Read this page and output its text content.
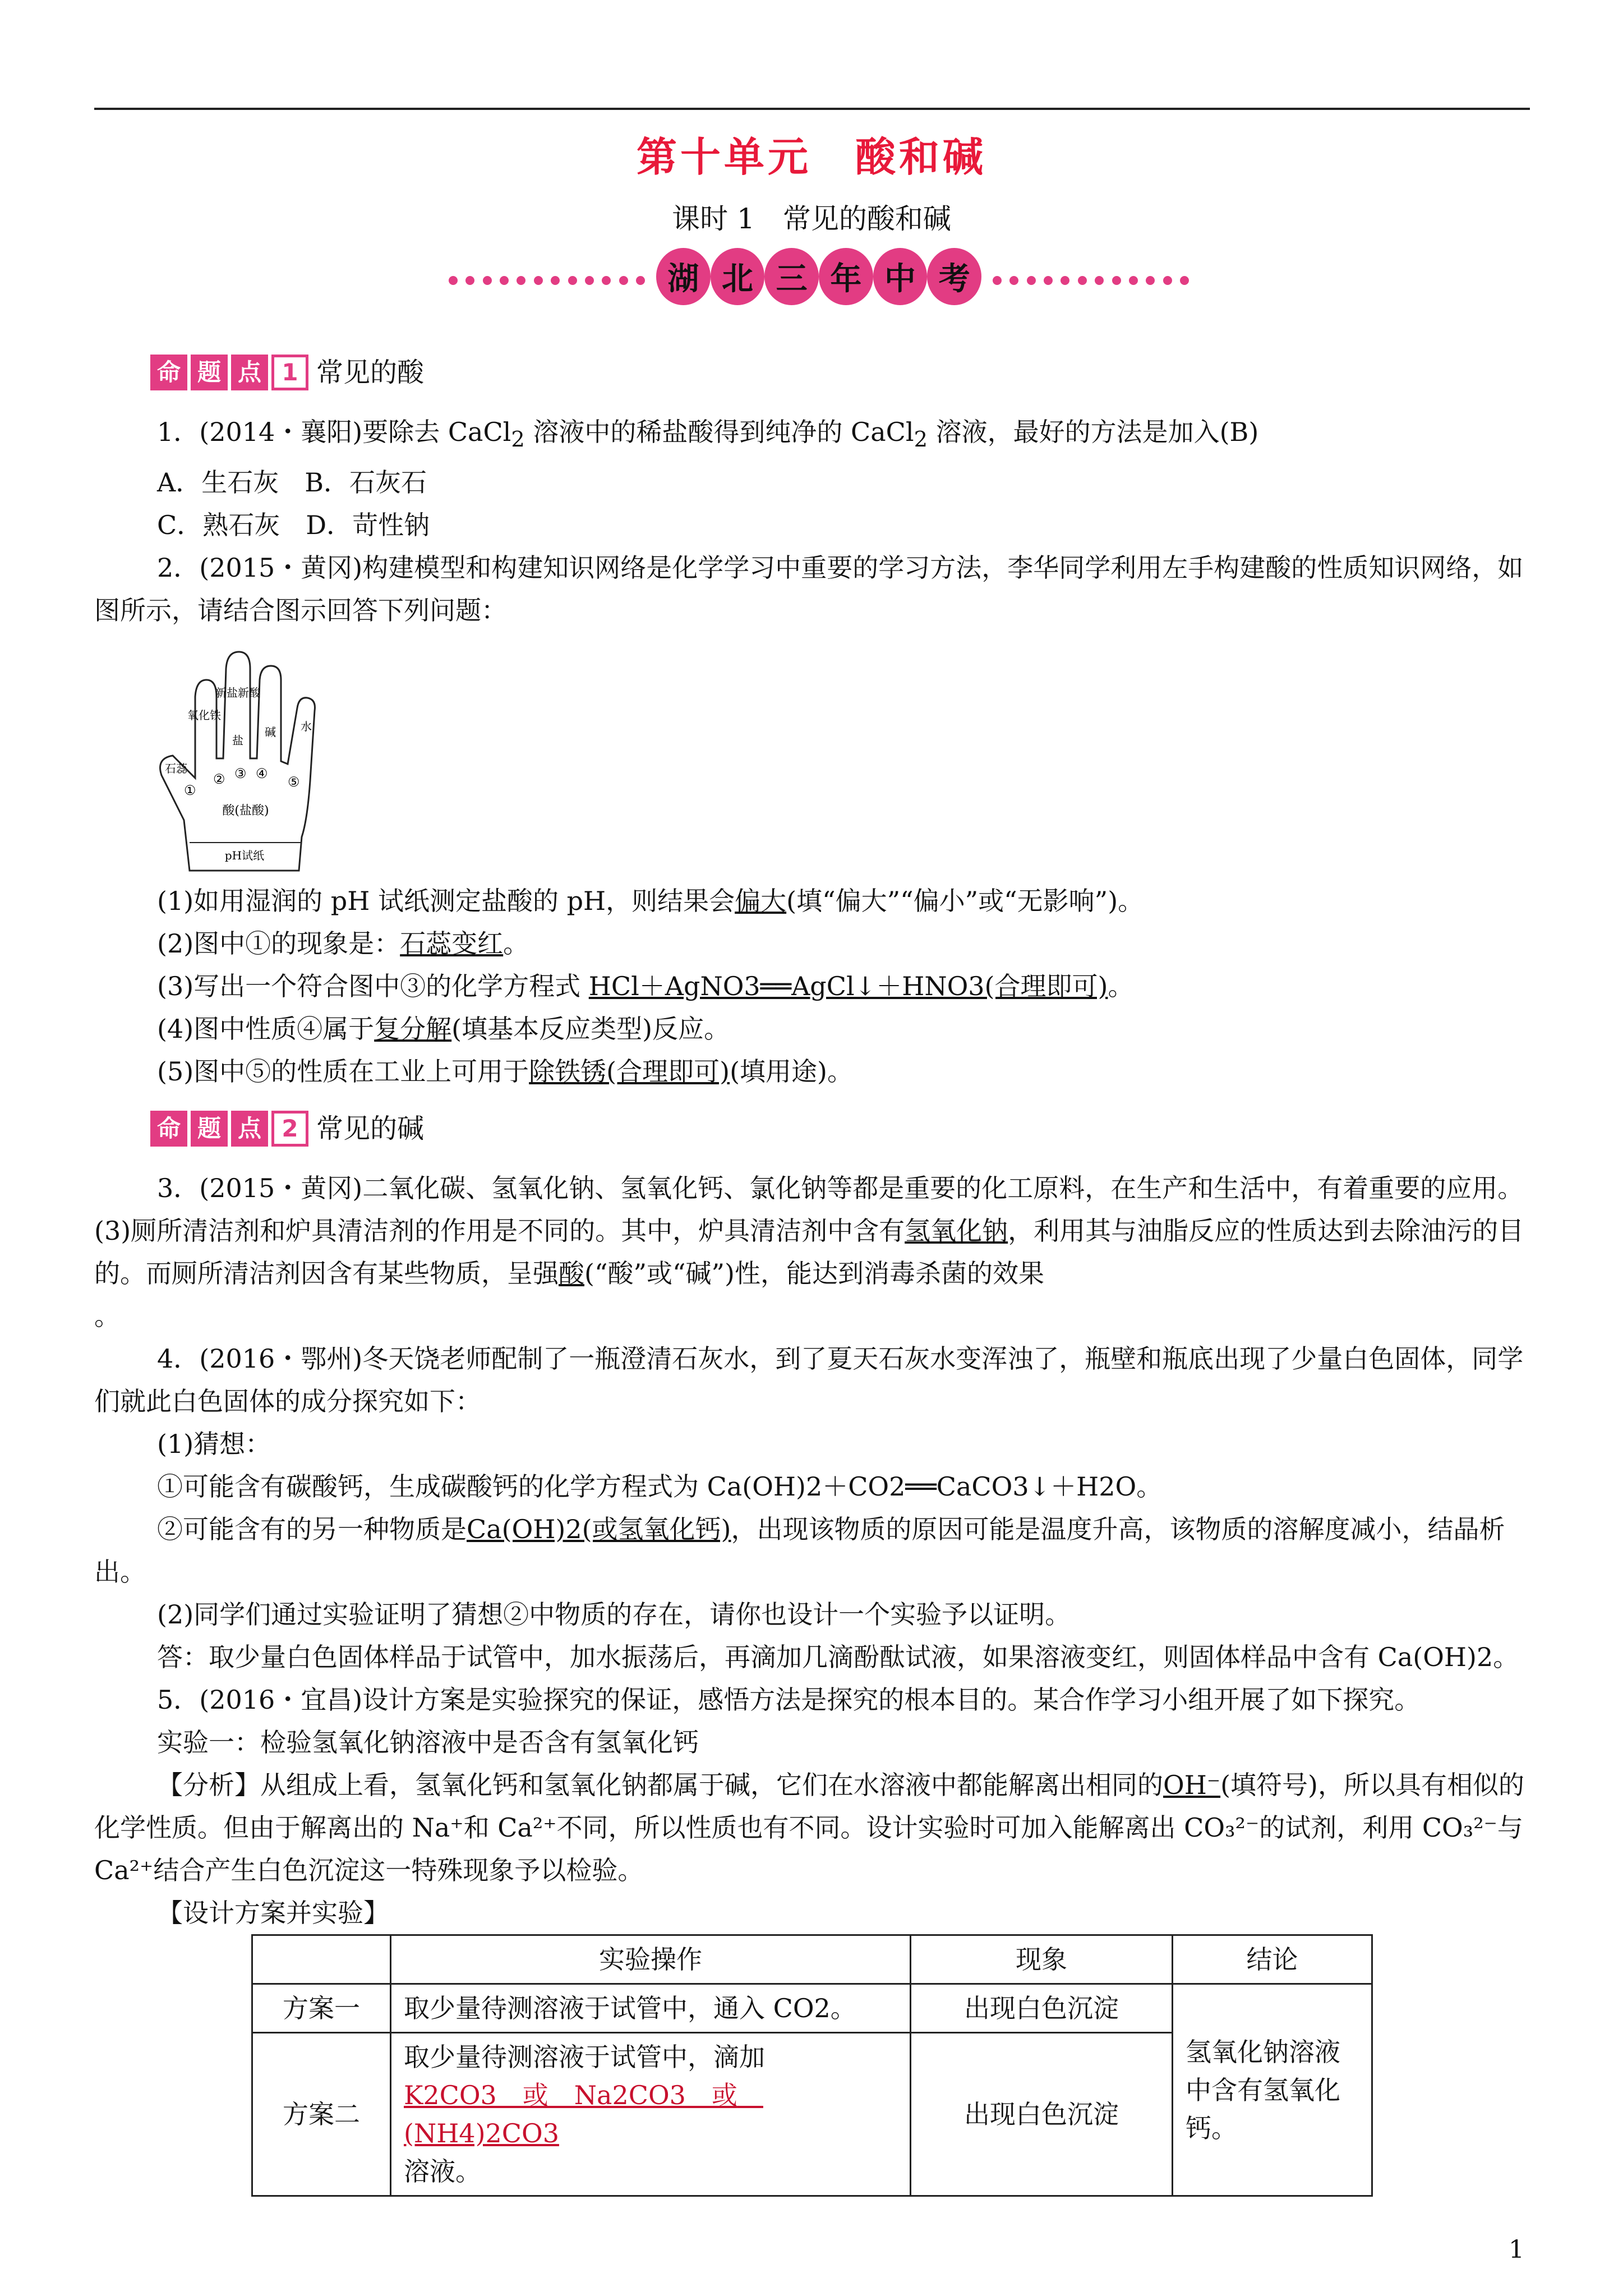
第十单元　酸和碱
课时 1　常见的酸和碱
湖 北 三 年 中 考
命 题 点 1 常见的酸

1．(2014・襄阳)要除去 CaCl$_2$ 溶液中的稀盐酸得到纯净的 CaCl$_2$ 溶液，最好的方法是加入(B)

A．生石灰　B．石灰石

C．熟石灰　D．苛性钠

2．(2015・黄冈)构建模型和构建知识网络是化学学习中重要的学习方法，李华同学利用左手构建酸的性质知识网络，如图所示，请结合图示回答下列问题：

氧化铁
新盐新酸
碱 水
石蕊
盐
①
② ③ ④
⑤
酸(盐酸)
pH试纸

(1)如用湿润的 pH 试纸测定盐酸的 pH，则结果会偏大(填“偏大”“偏小”或“无影响”)。

(2)图中①的现象是：石蕊变红。

(3)写出一个符合图中③的化学方程式 HCl＋AgNO3══AgCl↓＋HNO3(合理即可)。

(4)图中性质④属于复分解(填基本反应类型)反应。

(5)图中⑤的性质在工业上可用于除铁锈(合理即可)(填用途)。

命 题 点 2 常见的碱

3．(2015・黄冈)二氧化碳、氢氧化钠、氢氧化钙、氯化钠等都是重要的化工原料，在生产和生活中，有着重要的应用。(3)厕所清洁剂和炉具清洁剂的作用是不同的。其中，炉具清洁剂中含有氢氧化钠，利用其与油脂反应的性质达到去除油污的目的。而厕所清洁剂因含有某些物质，呈强酸(“酸”或“碱”)性，能达到消毒杀菌的效果

。

4．(2016・鄂州)冬天饶老师配制了一瓶澄清石灰水，到了夏天石灰水变浑浊了，瓶壁和瓶底出现了少量白色固体，同学们就此白色固体的成分探究如下：

(1)猜想：

①可能含有碳酸钙，生成碳酸钙的化学方程式为 Ca(OH)2＋CO2══CaCO3↓＋H2O。

②可能含有的另一种物质是Ca(OH)2(或氢氧化钙)，出现该物质的原因可能是温度升高，该物质的溶解度减小，结晶析出。

(2)同学们通过实验证明了猜想②中物质的存在，请你也设计一个实验予以证明。

答：取少量白色固体样品于试管中，加水振荡后，再滴加几滴酚酞试液，如果溶液变红，则固体样品中含有 Ca(OH)2。

5．(2016・宜昌)设计方案是实验探究的保证，感悟方法是探究的根本目的。某合作学习小组开展了如下探究。

实验一：检验氢氧化钠溶液中是否含有氢氧化钙

【分析】从组成上看，氢氧化钙和氢氧化钠都属于碱，它们在水溶液中都能解离出相同的OH⁻(填符号)，所以具有相似的化学性质。但由于解离出的 Na⁺和 Ca²⁺不同，所以性质也有不同。设计实验时可加入能解离出 CO₃²⁻的试剂，利用 CO₃²⁻与 Ca²⁺结合产生白色沉淀这一特殊现象予以检验。

【设计方案并实验】

	实验操作	现象	结论
方案一	取少量待测溶液于试管中，通入 CO2。	出现白色沉淀	氢氧化钠溶液中含有氢氧化钙。
方案二	取少量待测溶液于试管中，滴加
K2CO3　或　Na2CO3　或　(NH4)2CO3
溶液。	出现白色沉淀	
1
